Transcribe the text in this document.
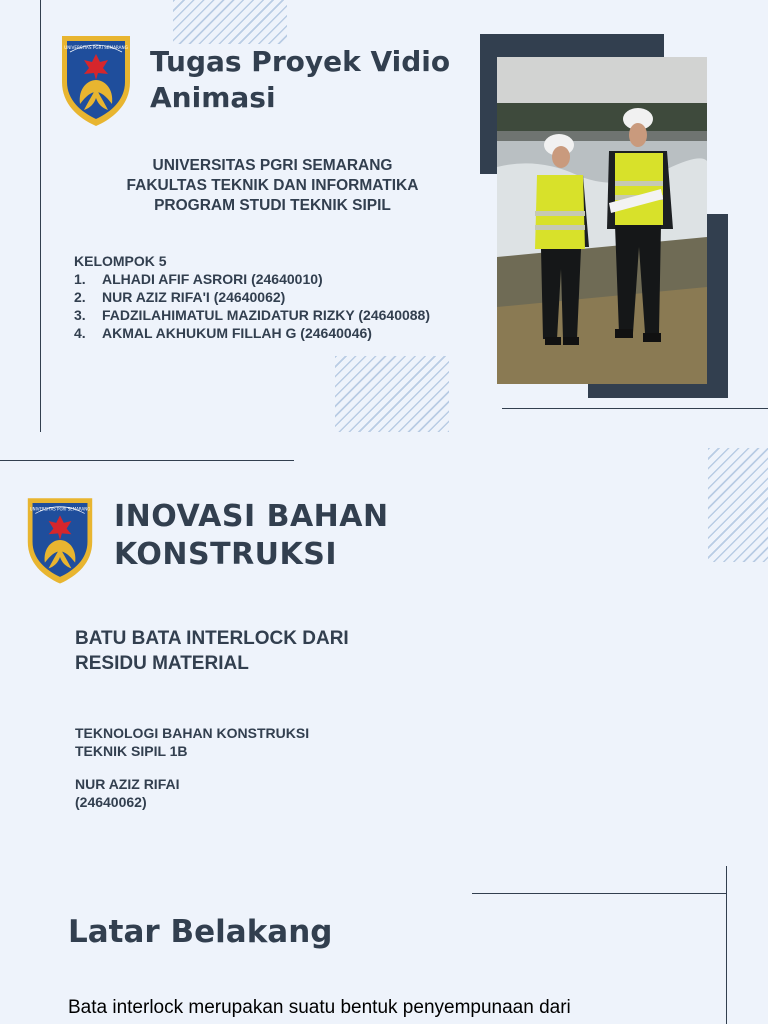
UNIVERSITAS PGRI SEMARANG Tugas Proyek Vidio Animasi
UNIVERSITAS PGRI SEMARANG
FAKULTAS TEKNIK DAN INFORMATIKA
PROGRAM STUDI TEKNIK SIPIL
KELOMPOK 5
1.	ALHADI AFIF ASRORI (24640010)
2.	NUR AZIZ RIFA'I (24640062)
3.	FADZILAHIMATUL MAZIDATUR RIZKY (24640088)
4.	AKMAL AKHUKUM FILLAH G (24640046)
UNIVERSITAS PGRI SEMARANG INOVASI BAHAN
KONSTRUKSI
BATU BATA INTERLOCK DARI
RESIDU MATERIAL
TEKNOLOGI BAHAN KONSTRUKSI
TEKNIK SIPIL 1B
NUR AZIZ RIFAI
(24640062)
Latar Belakang
Bata interlock merupakan suatu bentuk penyempunaan dari
